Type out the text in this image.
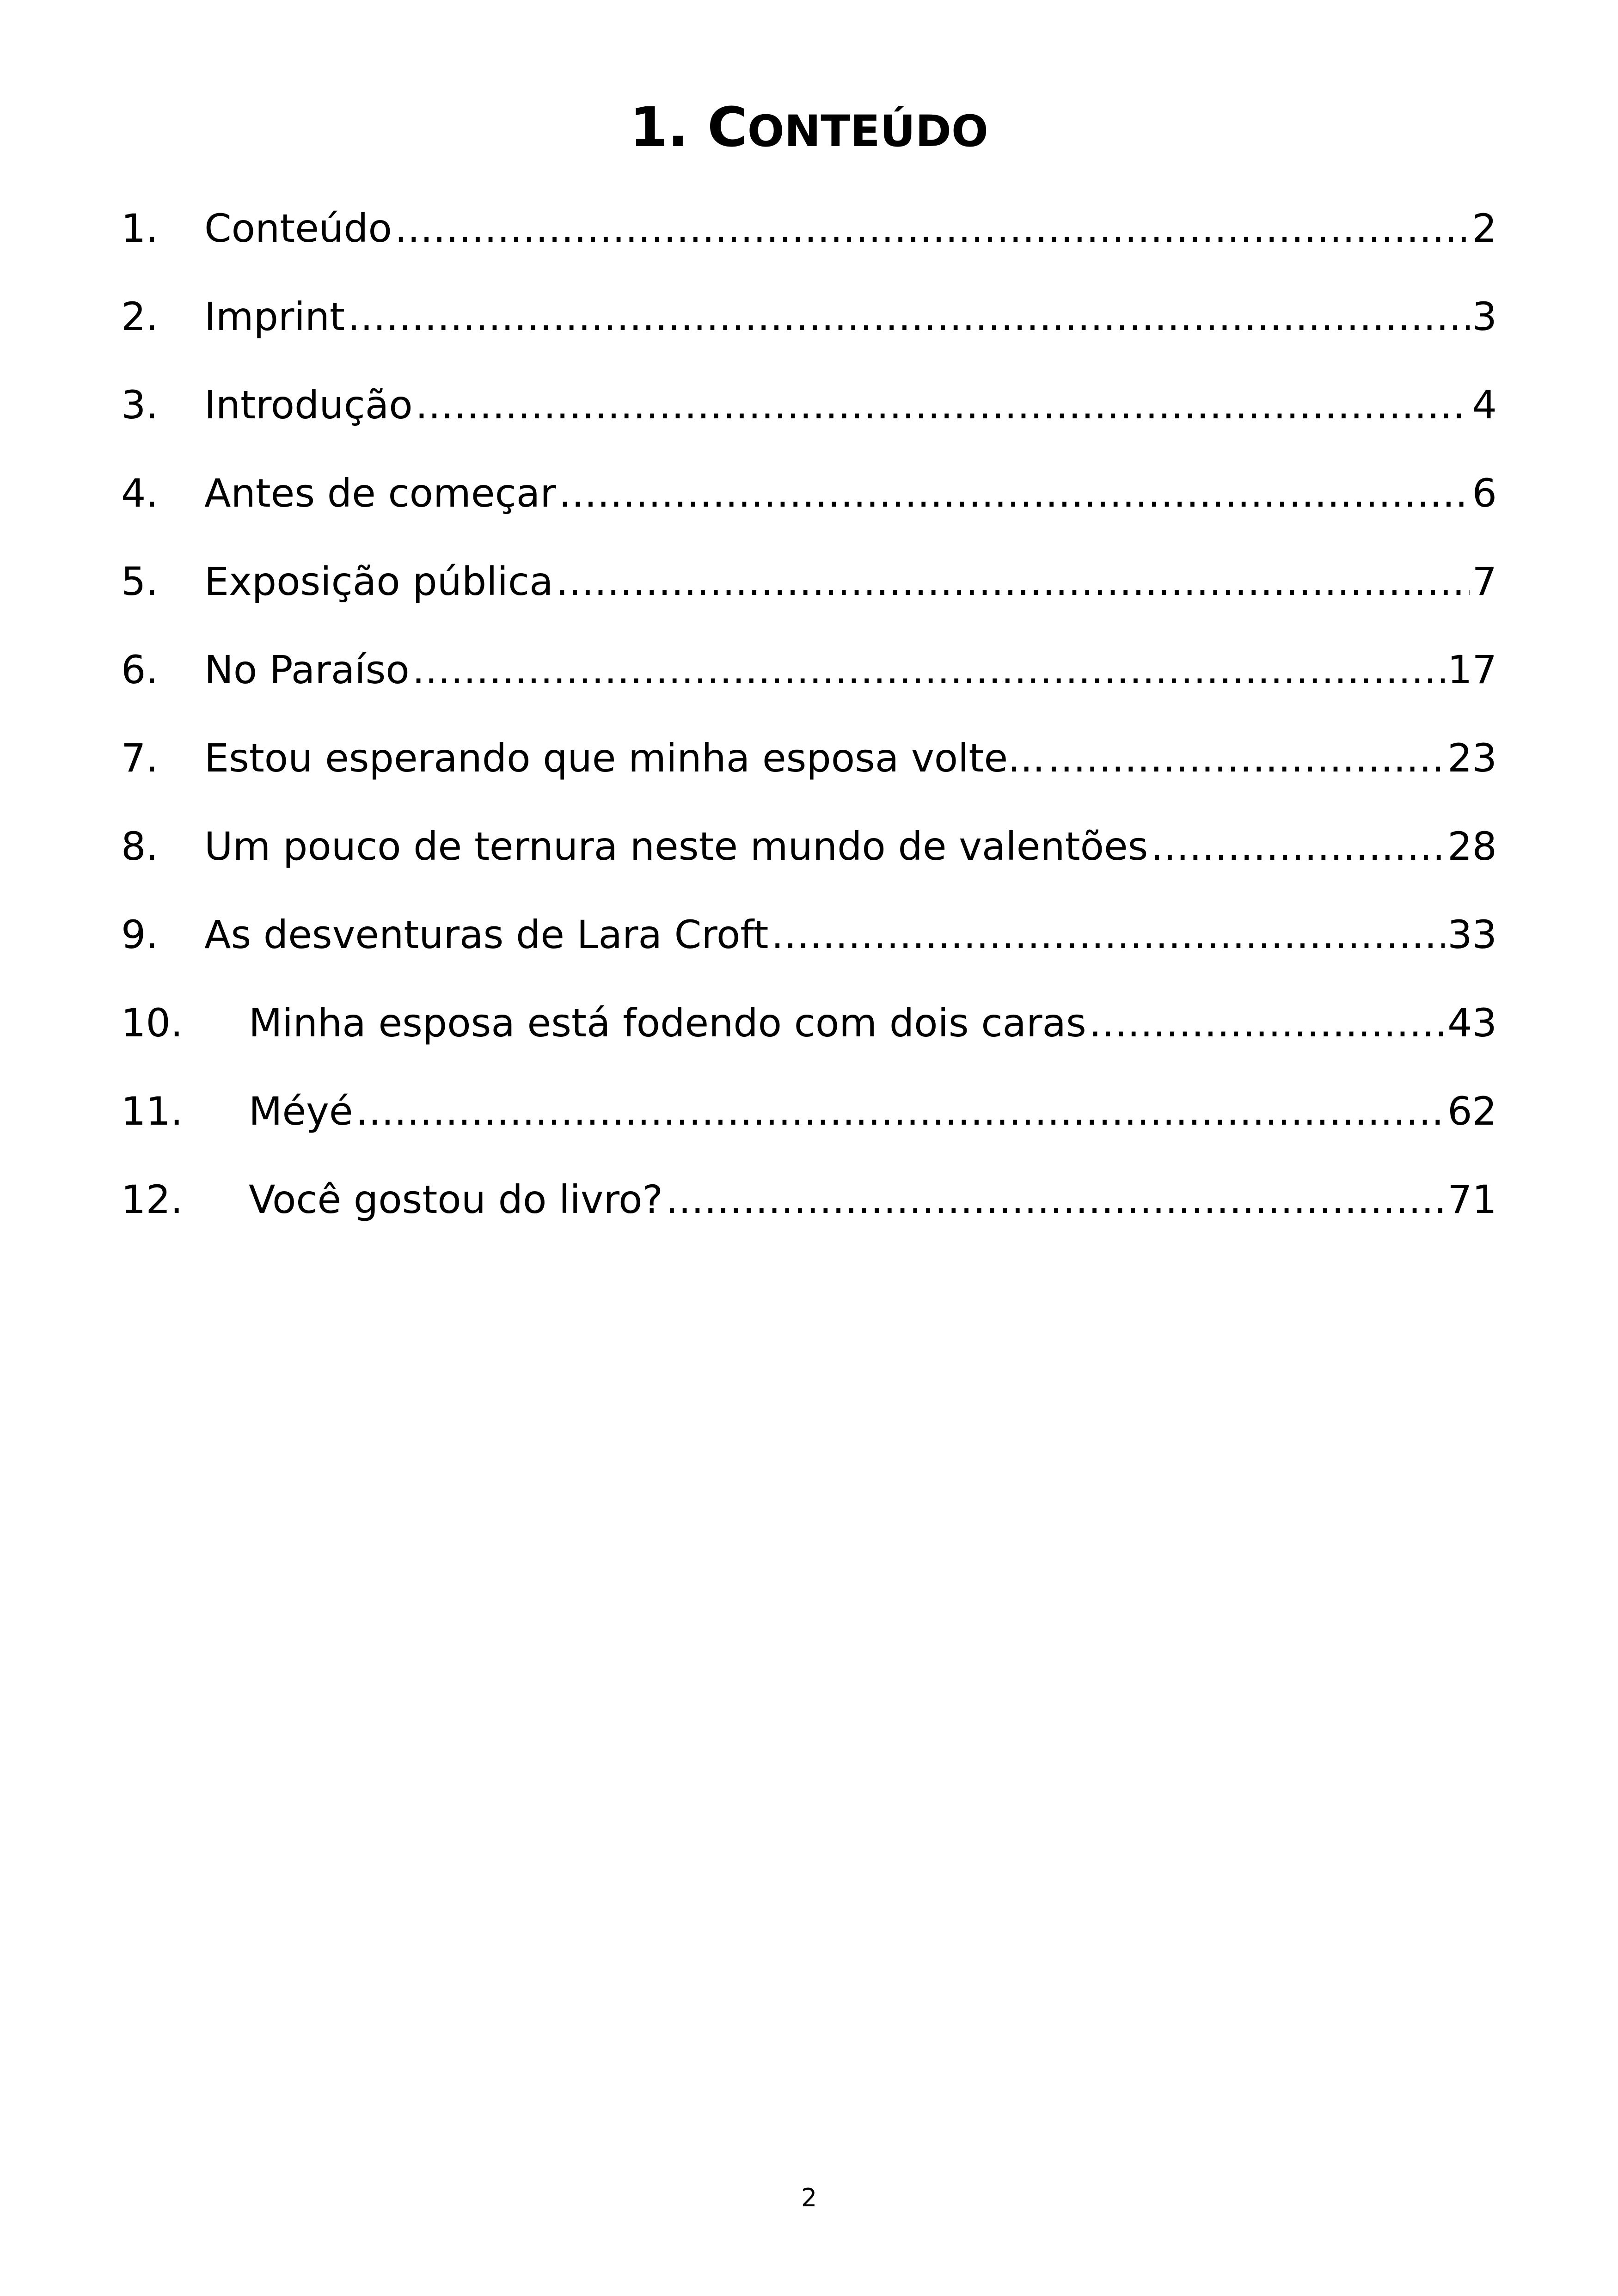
1. CONTEÚDO
1.	Conteúdo .....	2
2.	Imprint .....	3
3.	Introdução .....	4
4.	Antes de começar .....	6
5.	Exposição pública .....	7
6.	No Paraíso .....	17
7.	Estou esperando que minha esposa volte... .....	23
8.	Um pouco de ternura neste mundo de valentões .....	28
9.	As desventuras de Lara Croft .....	33
10.	Minha esposa está fodendo com dois caras .....	43
11.	Méyé .....	62
12.	Você gostou do livro? .....	71
2
